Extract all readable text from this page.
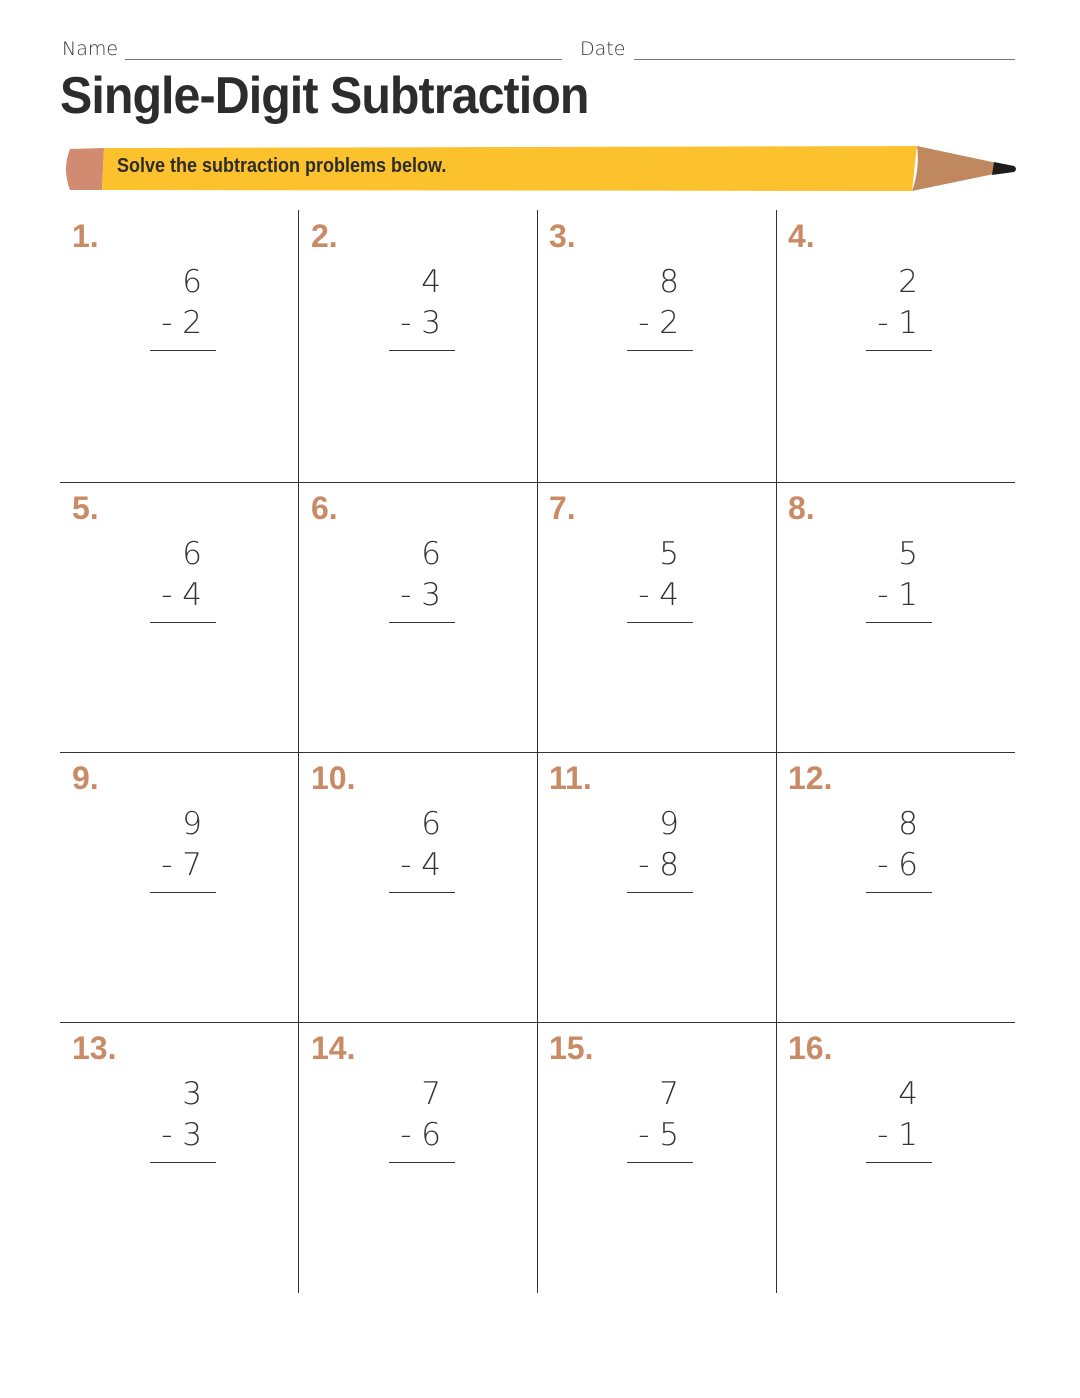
Name	Date
Single-Digit Subtraction
Solve the subtraction problems below.
1.
6
- 2
2.
4
- 3
3.
8
- 2
4.
2
- 1
5.
6
- 4
6.
6
- 3
7.
5
- 4
8.
5
- 1
9.
9
- 7
10.
6
- 4
11.
9
- 8
12.
8
- 6
13.
3
- 3
14.
7
- 6
15.
7
- 5
16.
4
- 1
